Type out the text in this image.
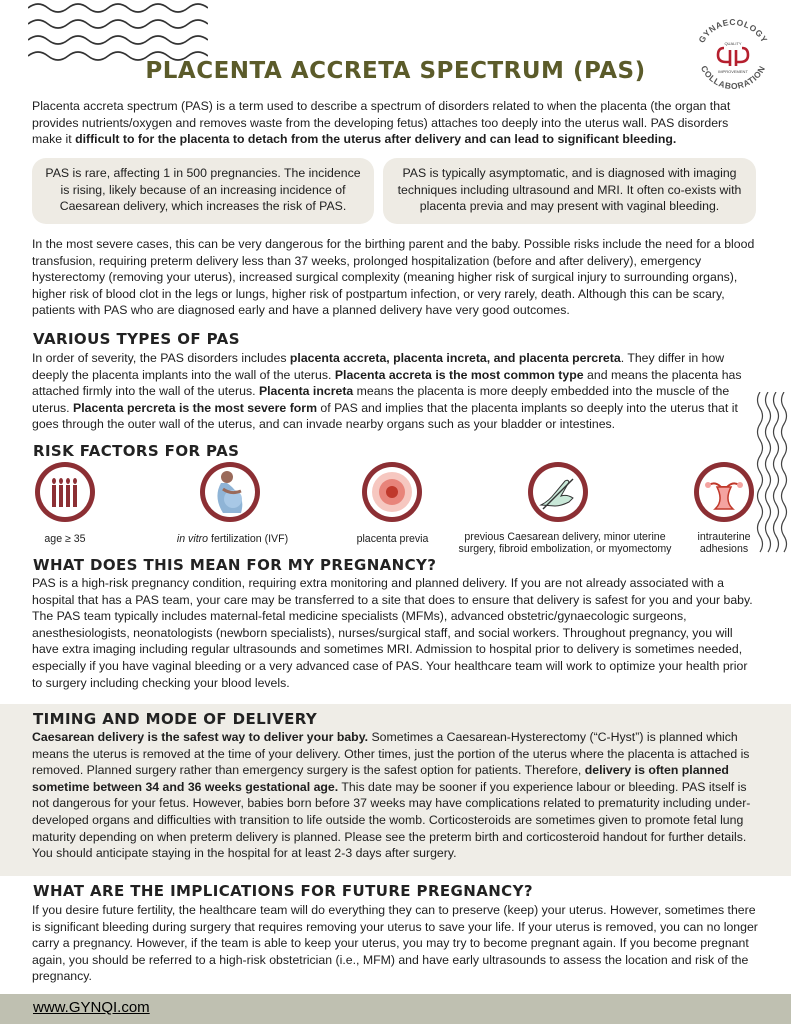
GYNAECOLOGY
COLLABORATION
QUALITY
IMPROVEMENT
PLACENTA ACCRETA SPECTRUM (PAS)

Placenta accreta spectrum (PAS) is a term used to describe a spectrum of disorders related to when the placenta (the organ that provides nutrients/oxygen and removes waste from the developing fetus) attaches too deeply into the uterus wall. PAS disorders make it difficult to for the placenta to detach from the uterus after delivery and can lead to significant bleeding.

PAS is rare, affecting 1 in 500 pregnancies. The incidence is rising, likely because of an increasing incidence of Caesarean delivery, which increases the risk of PAS.
PAS is typically asymptomatic, and is diagnosed with imaging techniques including ultrasound and MRI. It often co-exists with placenta previa and may present with vaginal bleeding.

In the most severe cases, this can be very dangerous for the birthing parent and the baby. Possible risks include the need for a blood transfusion, requiring preterm delivery less than 37 weeks, prolonged hospitalization (before and after delivery), emergency hysterectomy (removing your uterus), increased surgical complexity (meaning higher risk of surgical injury to surrounding organs), higher risk of blood clot in the legs or lungs, higher risk of postpartum infection, or very rarely, death. Although this can be scary, patients with PAS who are diagnosed early and have a planned delivery have very good outcomes.

VARIOUS TYPES OF PAS

In order of severity, the PAS disorders includes placenta accreta, placenta increta, and placenta percreta. They differ in how deeply the placenta implants into the wall of the uterus. Placenta accreta is the most common type and means the placenta has attached firmly into the wall of the uterus. Placenta increta means the placenta is more deeply embedded into the muscle of the uterus. Placenta percreta is the most severe form of PAS and implies that the placenta implants so deeply into the uterus that it goes through the outer wall of the uterus, and can invade nearby organs such as your bladder or intestines.

RISK FACTORS FOR PAS
age ≥ 35	in vitro fertilization (IVF)	placenta previa	previous Caesarean delivery, minor uterine surgery, fibroid embolization, or myomectomy
intrauterine adhesions
WHAT DOES THIS MEAN FOR MY PREGNANCY?

PAS is a high-risk pregnancy condition, requiring extra monitoring and planned delivery. If you are not already associated with a hospital that has a PAS team, your care may be transferred to a site that does to ensure that delivery is safest for you and your baby. The PAS team typically includes maternal-fetal medicine specialists (MFMs), advanced obstetric/gynaecologic surgeons, anesthesiologists, neonatologists (newborn specialists), nurses/surgical staff, and social workers. Throughout pregnancy, you will have extra imaging including regular ultrasounds and sometimes MRI. Admission to hospital prior to delivery is sometimes needed, especially if you have vaginal bleeding or a very advanced case of PAS. Your healthcare team will work to optimize your health prior to surgery including checking your blood levels.

TIMING AND MODE OF DELIVERY

Caesarean delivery is the safest way to deliver your baby. Sometimes a Caesarean-Hysterectomy (“C-Hyst”) is planned which means the uterus is removed at the time of your delivery. Other times, just the portion of the uterus where the placenta is attached is removed. Planned surgery rather than emergency surgery is the safest option for patients. Therefore, delivery is often planned sometime between 34 and 36 weeks gestational age. This date may be sooner if you experience labour or bleeding. PAS itself is not dangerous for your fetus. However, babies born before 37 weeks may have complications related to prematurity including under-developed organs and difficulties with transition to life outside the womb. Corticosteroids are sometimes given to promote fetal lung maturity depending on when preterm delivery is planned. Please see the preterm birth and corticosteroid handout for further details. You should anticipate staying in the hospital for at least 2-3 days after surgery.

WHAT ARE THE IMPLICATIONS FOR FUTURE PREGNANCY?

If you desire future fertility, the healthcare team will do everything they can to preserve (keep) your uterus. However, sometimes there is significant bleeding during surgery that requires removing your uterus to save your life. If your uterus is removed, you can no longer carry a pregnancy. However, if the team is able to keep your uterus, you may try to become pregnant again. If you become pregnant again, you should be referred to a high-risk obstetrician (i.e., MFM) and have early ultrasounds to assess the location and risk of the pregnancy.

www.GYNQI.com
